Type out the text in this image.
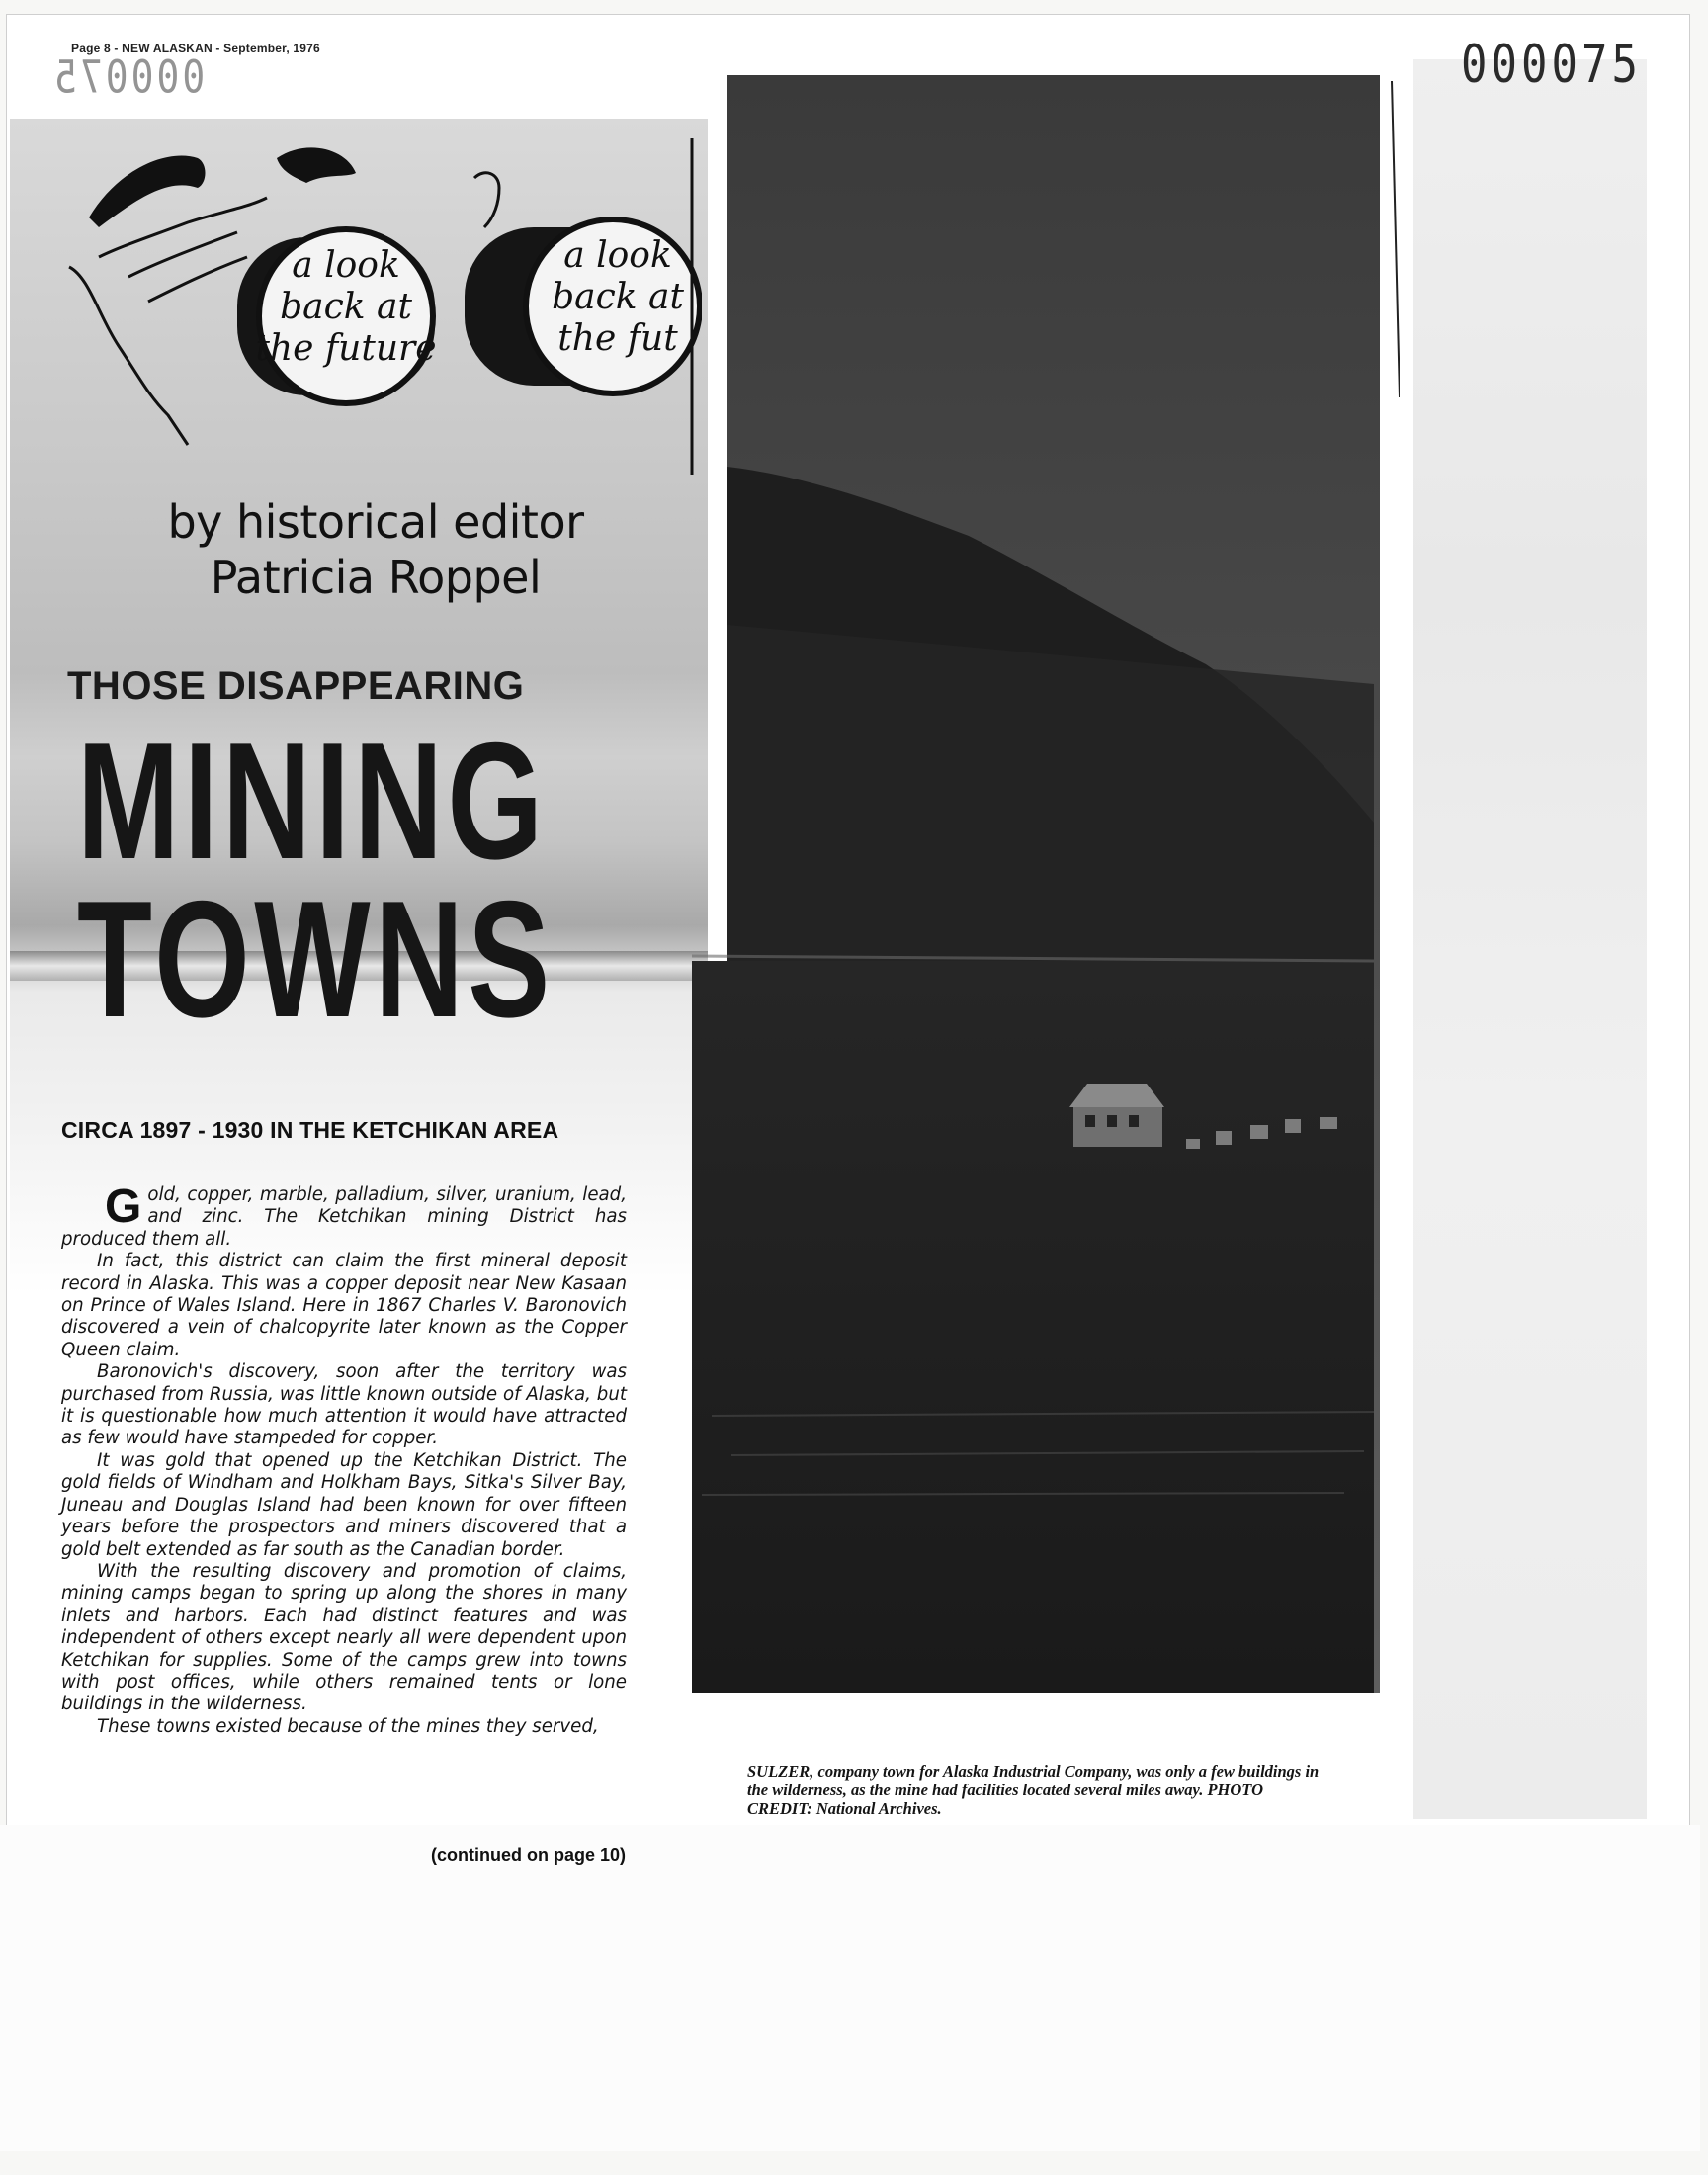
Page 8 - NEW ALASKAN - September, 1976	000075
000075
a look
back at
the future
a look
back at
the fut
by historical editor
Patricia Roppel
THOSE DISAPPEARING
MINING
TOWNS
CIRCA 1897 - 1930 IN THE KETCHIKAN AREA

Gold, copper, marble, palladium, silver, uranium, lead, and zinc. The Ketchikan mining District has produced them all.

In fact, this district can claim the first mineral deposit record in Alaska. This was a copper deposit near New Kasaan on Prince of Wales Island. Here in 1867 Charles V. Baronovich discovered a vein of chalcopyrite later known as the Copper Queen claim.

Baronovich's discovery, soon after the territory was purchased from Russia, was little known outside of Alaska, but it is questionable how much attention it would have attracted as few would have stampeded for copper.

It was gold that opened up the Ketchikan District. The gold fields of Windham and Holkham Bays, Sitka's Silver Bay, Juneau and Douglas Island had been known for over fifteen years before the prospectors and miners discovered that a gold belt extended as far south as the Canadian border.

With the resulting discovery and promotion of claims, mining camps began to spring up along the shores in many inlets and harbors. Each had distinct features and was independent of others except nearly all were dependent upon Ketchikan for supplies. Some of the camps grew into towns with post offices, while others remained tents or lone buildings in the wilderness.

These towns existed because of the mines they served,

(continued on page 10)
SULZER, company town for Alaska Industrial Company, was only a few buildings in the wilderness, as the mine had facilities located several miles away. PHOTO CREDIT: National Archives.
